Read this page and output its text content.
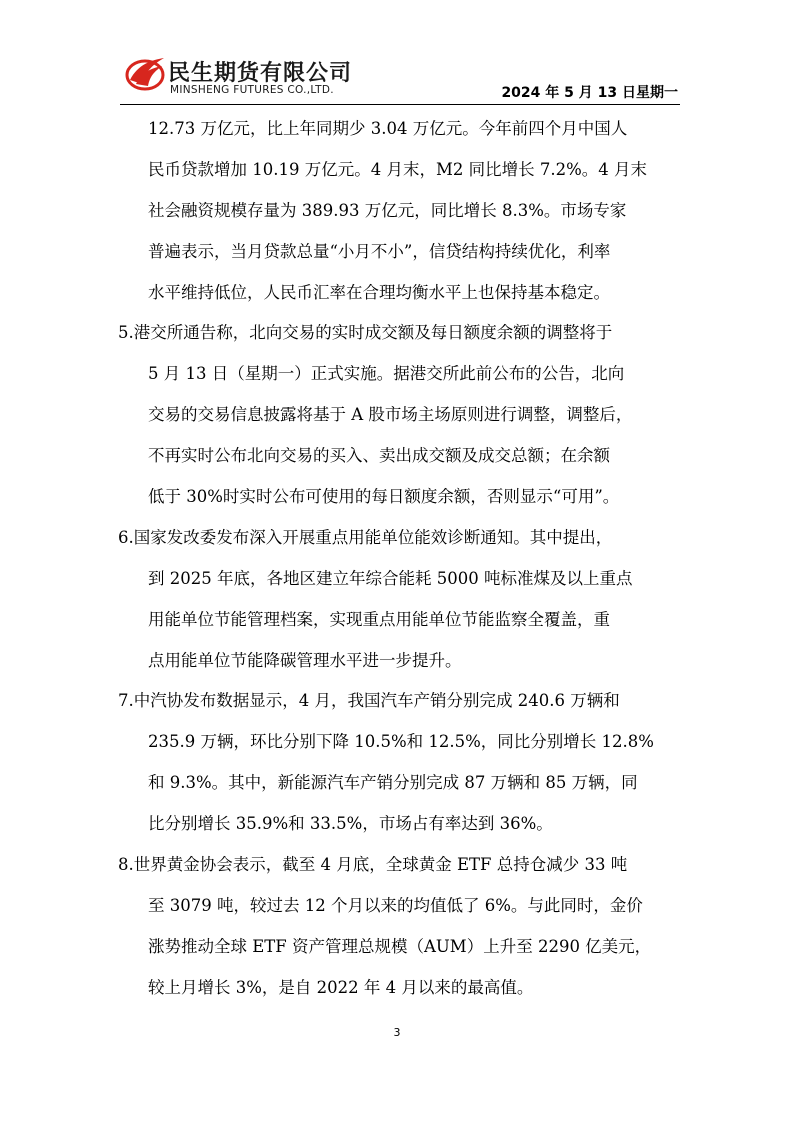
民生期货有限公司
MINSHENG FUTURES CO.,LTD.	2024 年 5 月 13 日星期一
12.73 万亿元，比上年同期少 3.04 万亿元。今年前四个月中国人
民币贷款增加 10.19 万亿元。4 月末，M2 同比增长 7.2%。4 月末
社会融资规模存量为 389.93 万亿元，同比增长 8.3%。市场专家
普遍表示，当月贷款总量“小月不小”，信贷结构持续优化，利率
水平维持低位，人民币汇率在合理均衡水平上也保持基本稳定。
5.港交所通告称，北向交易的实时成交额及每日额度余额的调整将于
5 月 13 日（星期一）正式实施。据港交所此前公布的公告，北向
交易的交易信息披露将基于 A 股市场主场原则进行调整，调整后，
不再实时公布北向交易的买入、卖出成交额及成交总额；在余额
低于 30%时实时公布可使用的每日额度余额，否则显示“可用”。
6.国家发改委发布深入开展重点用能单位能效诊断通知。其中提出，
到 2025 年底，各地区建立年综合能耗 5000 吨标准煤及以上重点
用能单位节能管理档案，实现重点用能单位节能监察全覆盖，重
点用能单位节能降碳管理水平进一步提升。
7.中汽协发布数据显示，4 月，我国汽车产销分别完成 240.6 万辆和
235.9 万辆，环比分别下降 10.5%和 12.5%，同比分别增长 12.8%
和 9.3%。其中，新能源汽车产销分别完成 87 万辆和 85 万辆，同
比分别增长 35.9%和 33.5%，市场占有率达到 36%。
8.世界黄金协会表示，截至 4 月底，全球黄金 ETF 总持仓减少 33 吨
至 3079 吨，较过去 12 个月以来的均值低了 6%。与此同时，金价
涨势推动全球 ETF 资产管理总规模（AUM）上升至 2290 亿美元，
较上月增长 3%，是自 2022 年 4 月以来的最高值。
3
